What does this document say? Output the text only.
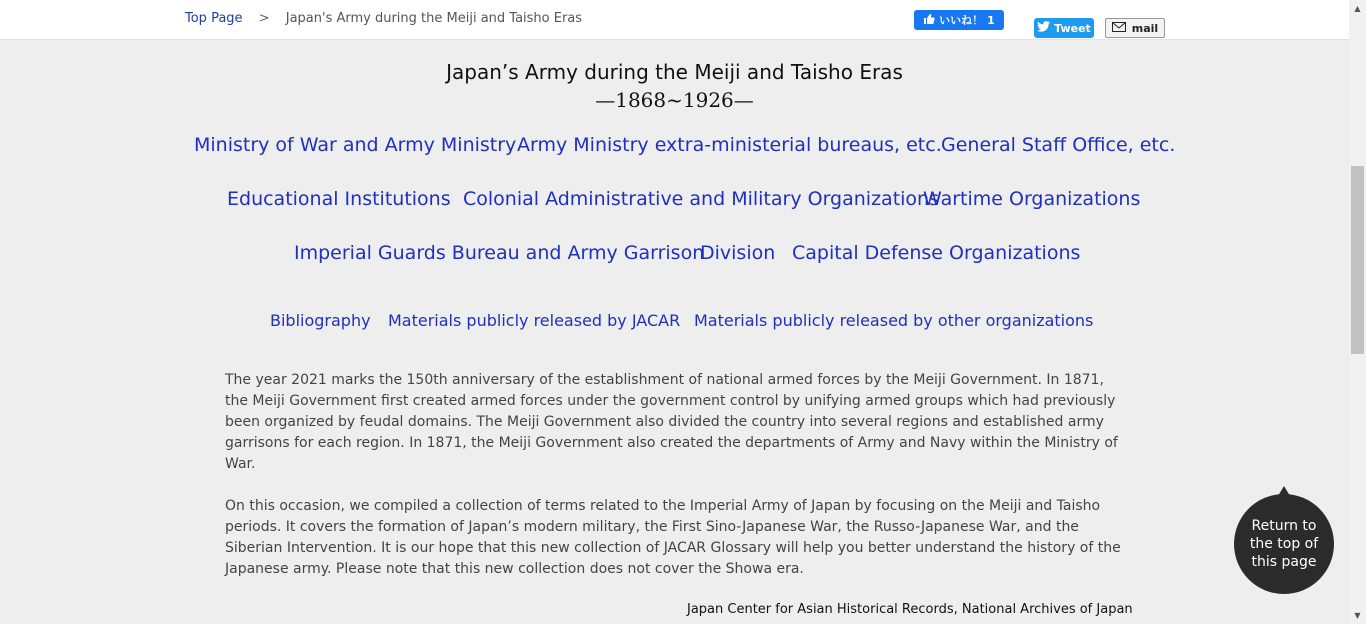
Top Page > Japan's Army during the Meiji and Taisho Eras	いいね！ 1
Tweet	mail
Japan’s Army during the Meiji and Taisho Eras
—1868~1926—
Ministry of War and Army Ministry Army Ministry extra-ministerial bureaus, etc. General Staff Office, etc.
Educational Institutions Colonial Administrative and Military Organizations
Wartime Organizations
Imperial Guards Bureau and Army Garrison
Division Capital Defense Organizations
Bibliography Materials publicly released by JACAR Materials publicly released by other organizations

The year 2021 marks the 150th anniversary of the establishment of national armed forces by the Meiji Government. In 1871, the Meiji Government first created armed forces under the government control by unifying armed groups which had previously been organized by feudal domains. The Meiji Government also divided the country into several regions and established army garrisons for each region. In 1871, the Meiji Government also created the departments of Army and Navy within the Ministry of War.

On this occasion, we compiled a collection of terms related to the Imperial Army of Japan by focusing on the Meiji and Taisho periods. It covers the formation of Japan’s modern military, the First Sino-Japanese War, the Russo-Japanese War, and the Siberian Intervention. It is our hope that this new collection of JACAR Glossary will help you better understand the history of the Japanese army. Please note that this new collection does not cover the Showa era.

Japan Center for Asian Historical Records, National Archives of Japan
Return to the top of this page
▲
▼
